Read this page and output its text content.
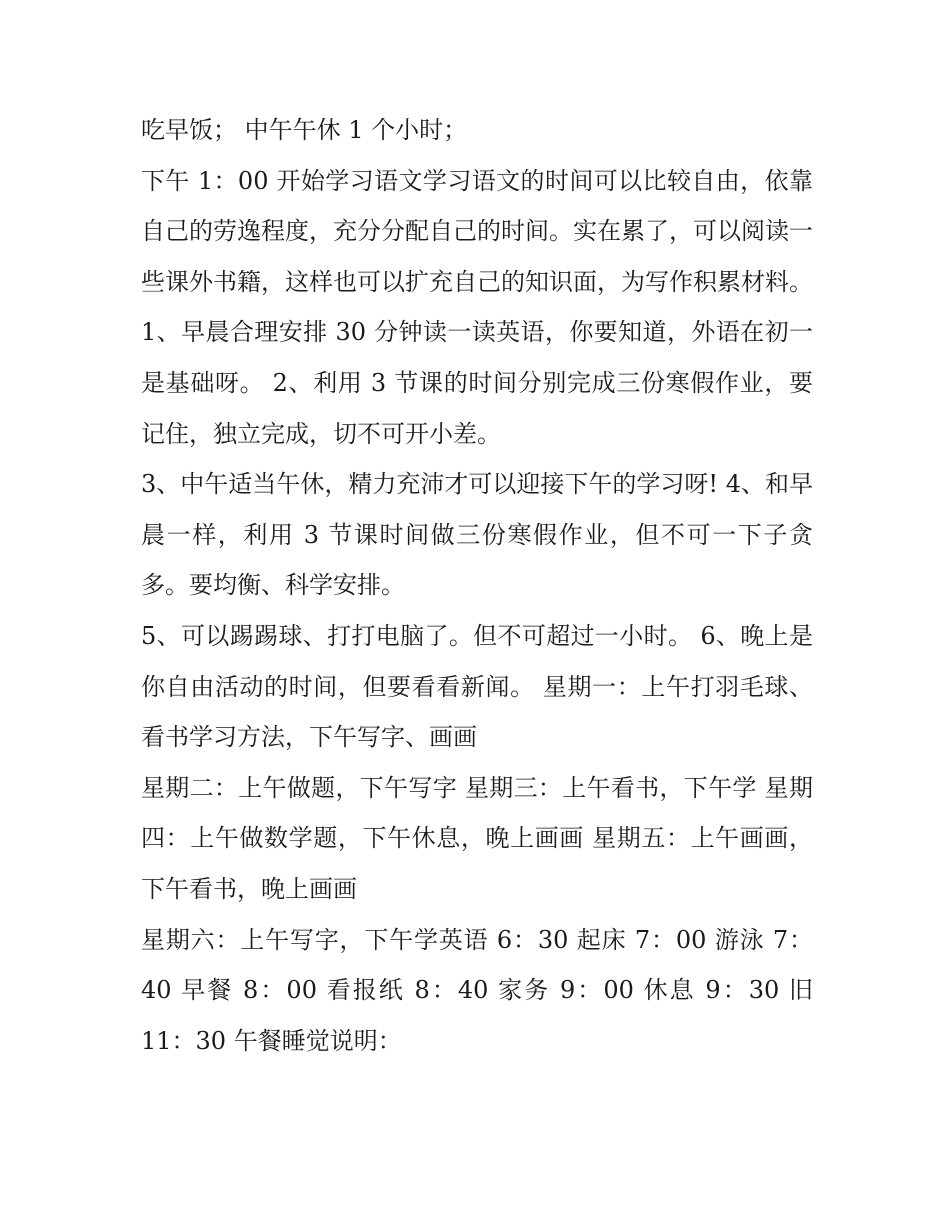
吃早饭； 中午午休 1 个小时；

下午 1：00 开始学习语文学习语文的时间可以比较自由，依靠自己的劳逸程度，充分分配自己的时间。实在累了，可以阅读一些课外书籍，这样也可以扩充自己的知识面，为写作积累材料。

1、早晨合理安排 30 分钟读一读英语，你要知道，外语在初一是基础呀。 2、利用 3 节课的时间分别完成三份寒假作业，要记住，独立完成，切不可开小差。

3、中午适当午休，精力充沛才可以迎接下午的学习呀! 4、和早晨一样，利用 3 节课时间做三份寒假作业，但不可一下子贪多。要均衡、科学安排。

5、可以踢踢球、打打电脑了。但不可超过一小时。 6、晚上是你自由活动的时间，但要看看新闻。 星期一：上午打羽毛球、看书学习方法，下午写字、画画

星期二：上午做题，下午写字 星期三：上午看书，下午学 星期四：上午做数学题，下午休息，晚上画画 星期五：上午画画，下午看书，晚上画画

星期六：上午写字，下午学英语 6：30 起床 7：00 游泳 7：40 早餐 8：00 看报纸 8：40 家务 9：00 休息 9：30 旧 11：30 午餐睡觉说明：
